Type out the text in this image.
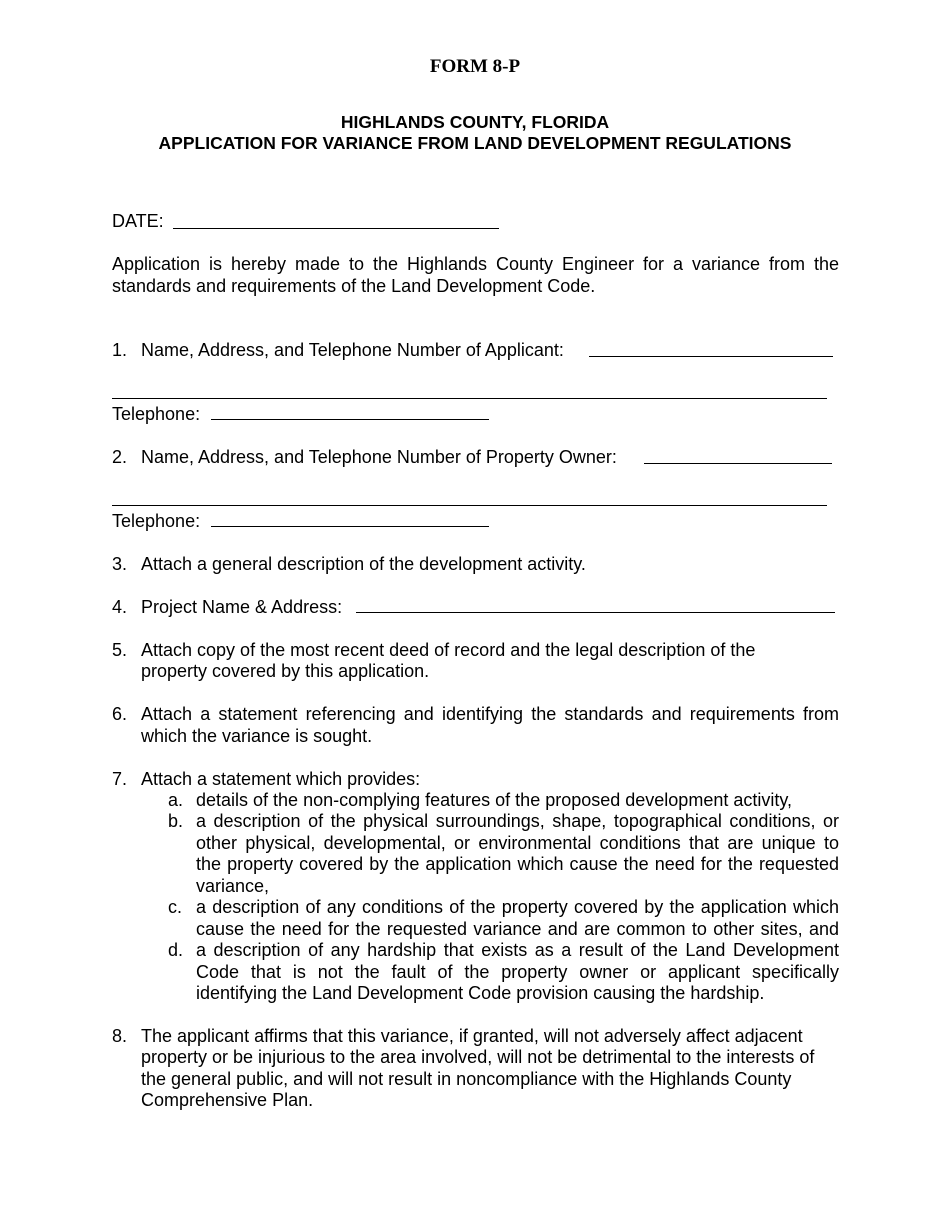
FORM 8-P
HIGHLANDS COUNTY, FLORIDA
APPLICATION FOR VARIANCE FROM LAND DEVELOPMENT REGULATIONS
DATE:
Application is hereby made to the Highlands County Engineer for a variance from the
standards and requirements of the Land Development Code.
1. Name, Address, and Telephone Number of Applicant:
Telephone:
2. Name, Address, and Telephone Number of Property Owner:
Telephone:
3. Attach a general description of the development activity.
4. Project Name & Address:
5. Attach copy of the most recent deed of record and the legal description of the
property covered by this application.
6. Attach a statement referencing and identifying the standards and requirements from
which the variance is sought.
7. Attach a statement which provides:
a. details of the non-complying features of the proposed development activity,
b. a description of the physical surroundings, shape, topographical conditions, or
other physical, developmental, or environmental conditions that are unique to
the property covered by the application which cause the need for the requested
variance,
c. a description of any conditions of the property covered by the application which
cause the need for the requested variance and are common to other sites, and
d. a description of any hardship that exists as a result of the Land Development
Code that is not the fault of the property owner or applicant specifically
identifying the Land Development Code provision causing the hardship.
8. The applicant affirms that this variance, if granted, will not adversely affect adjacent
property or be injurious to the area involved, will not be detrimental to the interests of
the general public, and will not result in noncompliance with the Highlands County
Comprehensive Plan.
